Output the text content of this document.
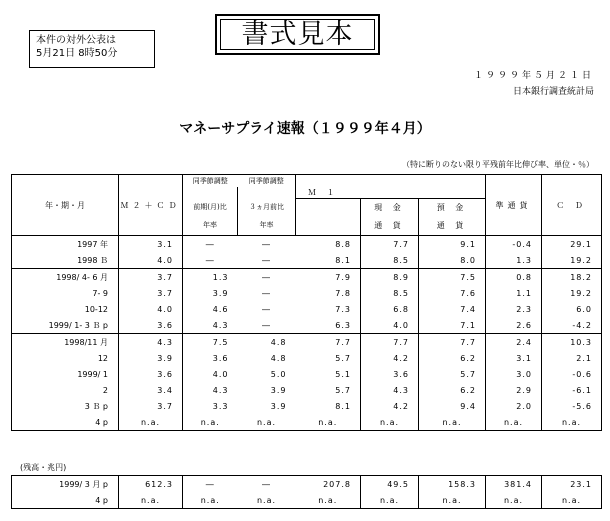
本件の対外公表は
5月21日 8時50分
書式見本
１９９９年５月２１日
日本銀行調査統計局
マネーサプライ速報（１９９９年４月）
（特に断りのない限り平残前年比伸び率、単位・％）
年・期・月	Ｍ２＋ＣＤ	同季節調整	同季節調整				準通貨	Ｃ Ｄ
				Ｍ １				
		前期(月)比	３ヵ月前比		現 金	預 金		
		年率	年率		通 貨	通 貨		
1997 年	3.1	―	―	8.8	7.7	9.1	-0.4	29.1
1998 Ｂ	4.0	―	―	8.1	8.5	8.0	1.3	19.2
1998/ 4- 6 月	3.7	1.3	―	7.9	8.9	7.5	0.8	18.2
7- 9	3.7	3.9	―	7.8	8.5	7.6	1.1	19.2
10-12	4.0	4.6	―	7.3	6.8	7.4	2.3	6.0
1999/ 1- 3 Ｂ p	3.6	4.3	―	6.3	4.0	7.1	2.6	-4.2
1998/11 月	4.3	7.5	4.8	7.7	7.7	7.7	2.4	10.3
12	3.9	3.6	4.8	5.7	4.2	6.2	3.1	2.1
1999/ 1	3.6	4.0	5.0	5.1	3.6	5.7	3.0	-0.6
2	3.4	4.3	3.9	5.7	4.3	6.2	2.9	-6.1
3 Ｂ p	3.7	3.3	3.9	8.1	4.2	9.4	2.0	-5.6
4 p	n.a.	n.a.	n.a.	n.a.	n.a.	n.a.	n.a.	n.a.
(残高・兆円)
1999/ 3 月 p	612.3	―	―	207.8	49.5	158.3	381.4	23.1
4 p	n.a.	n.a.	n.a.	n.a.	n.a.	n.a.	n.a.	n.a.
